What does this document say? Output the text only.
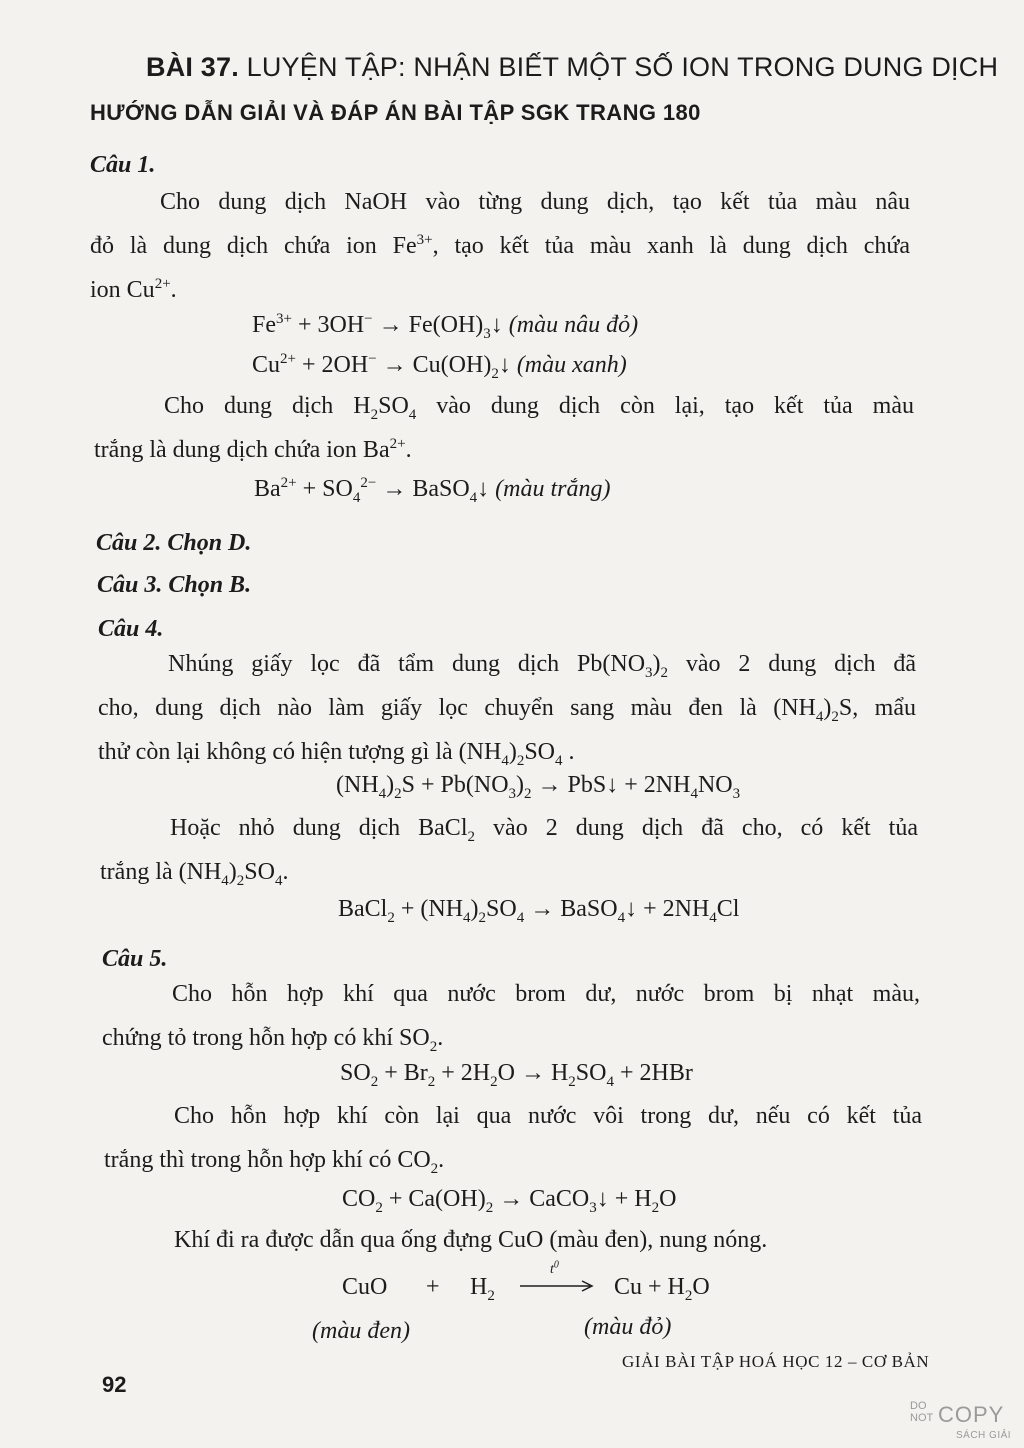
BÀI 37. LUYỆN TẬP: NHẬN BIẾT MỘT SỐ ION TRONG DUNG DỊCH
HƯỚNG DẪN GIẢI VÀ ĐÁP ÁN BÀI TẬP SGK TRANG 180
Câu 1.
Cho dung dịch NaOH vào từng dung dịch, tạo kết tủa màu nâu
đỏ là dung dịch chứa ion $Fe^{3+}$, tạo kết tủa màu xanh là dung dịch chứa
ion $Cu^{2+}$.
$Fe^{3+} + 3OH^-$ → $Fe(OH)_3↓$ (màu nâu đỏ)
$Cu^{2+} + 2OH^-$ → $Cu(OH)_2↓$ (màu xanh)
Cho dung dịch $H_2SO_4$ vào dung dịch còn lại, tạo kết tủa màu
trắng là dung dịch chứa ion $Ba^{2+}$.
$Ba^{2+} + SO_4^{2-}$ → BaSO$_4$↓ (màu trắng)
Câu 2. Chọn D.
Câu 3. Chọn B.
Câu 4.
Nhúng giấy lọc đã tẩm dung dịch $Pb(NO_3)_2$ vào 2 dung dịch đã
cho, dung dịch nào làm giấy lọc chuyển sang màu đen là $(NH_4)_2S$, mẩu
thử còn lại không có hiện tượng gì là $(NH_4)_2SO_4$ .
$(NH_4)_2S + Pb(NO_3)_2$ → PbS↓ + $2NH_4NO_3$
Hoặc nhỏ dung dịch BaCl$_2$ vào 2 dung dịch đã cho, có kết tủa
trắng là $(NH_4)_2SO_4$.
BaCl$_2$ + $(NH_4)_2SO_4$ → BaSO$_4$↓ + $2NH_4Cl$
Câu 5.
Cho hỗn hợp khí qua nước brom dư, nước brom bị nhạt màu,
chứng tỏ trong hỗn hợp có khí $SO_2$.
$SO_2 + Br_2 + 2H_2O \to H_2SO_4 + 2HBr$
Cho hỗn hợp khí còn lại qua nước vôi trong dư, nếu có kết tủa
trắng thì trong hỗn hợp khí có $CO_2$.
$CO_2 + Ca(OH)_2$ → CaCO$_3$↓ + $H_2O$
Khí đi ra được dẫn qua ống đựng CuO (màu đen), nung nóng.
CuO + $H_2$
$t^0$
$Cu + H_2O$
(màu đen)	(màu đỏ)
92
GIẢI BÀI TẬP HOÁ HỌC 12 – CƠ BẢN
DO
NOT COPY
SÁCH GIẢI
